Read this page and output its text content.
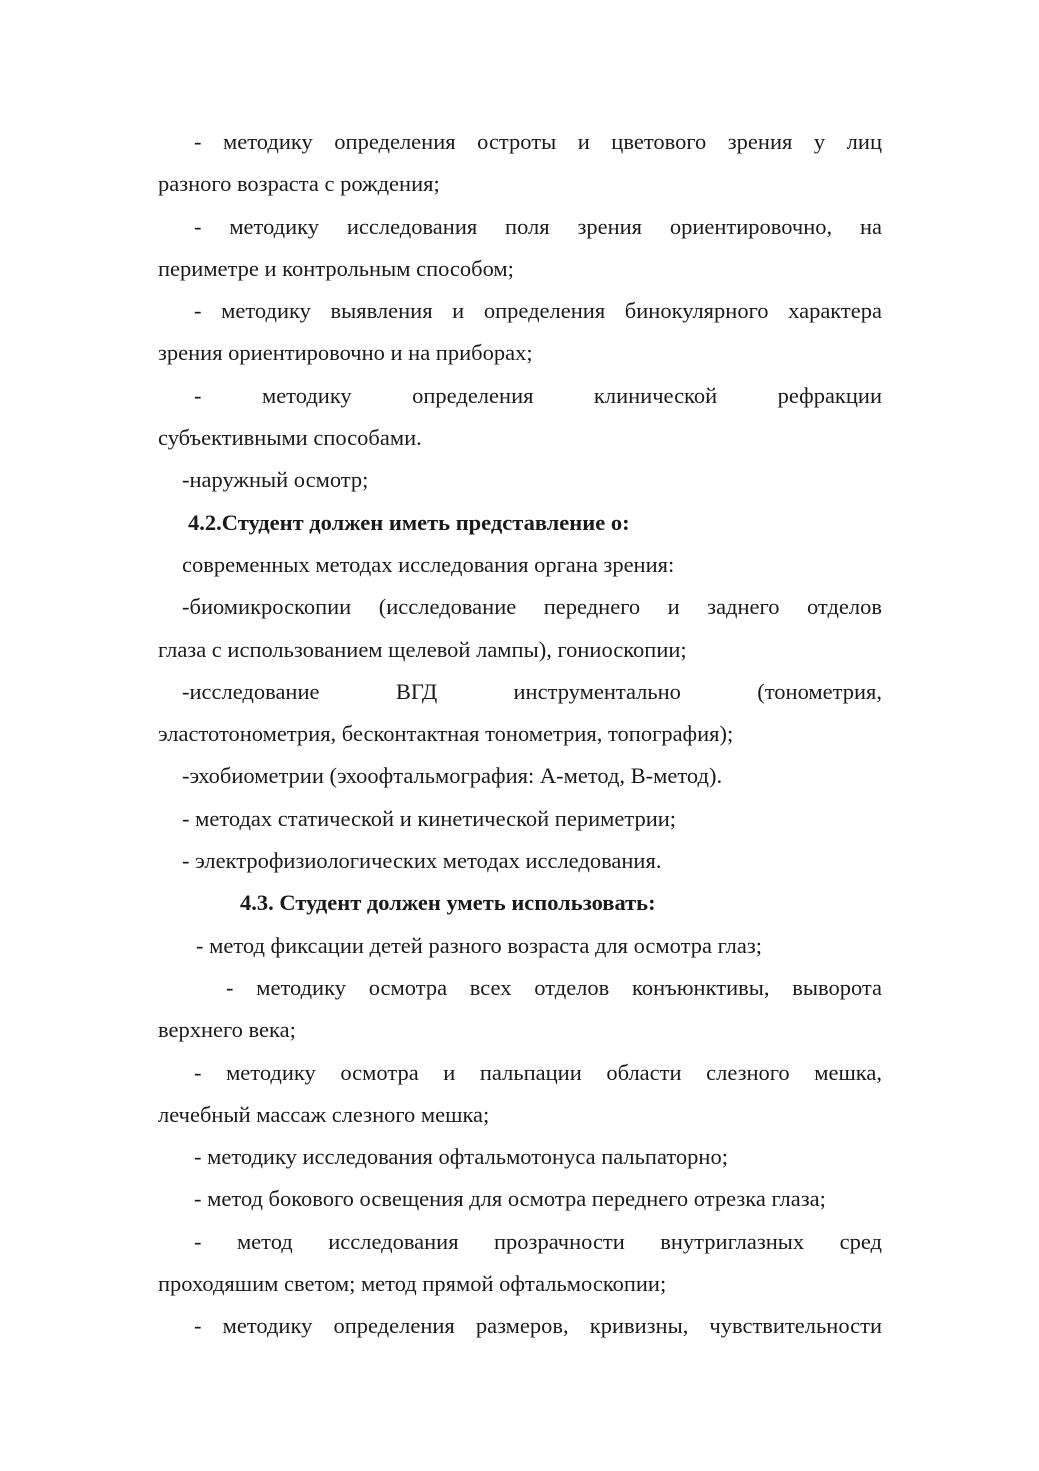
- методику определения остроты и цветового зрения у лиц

разного возраста с рождения;

- методику исследования поля зрения ориентировочно, на

периметре и контрольным способом;

- методику выявления и определения бинокулярного характера

зрения ориентировочно и на приборах;

- методику определения клинической рефракции

субъективными способами.

-наружный осмотр;

4.2.Студент должен иметь представление о:

современных методах исследования органа зрения:

-биомикроскопии (исследование переднего и заднего отделов

глаза с использованием щелевой лампы), гониоскопии;

-исследование ВГД инструментально (тонометрия,

эластотонометрия, бесконтактная тонометрия, топография);

-эхобиометрии (эхоофтальмография: А-метод, В-метод).

- методах статической и кинетической периметрии;

- электрофизиологических методах исследования.

4.3. Студент должен уметь использовать:

- метод фиксации детей разного возраста для осмотра глаз;

- методику осмотра всех отделов конъюнктивы, выворота

верхнего века;

- методику осмотра и пальпации области слезного мешка,

лечебный массаж слезного мешка;

- методику исследования офтальмотонуса пальпаторно;

- метод бокового освещения для осмотра переднего отрезка глаза;

- метод исследования прозрачности внутриглазных сред

проходяшим светом; метод прямой офтальмоскопии;

- методику определения размеров, кривизны, чувствительности
